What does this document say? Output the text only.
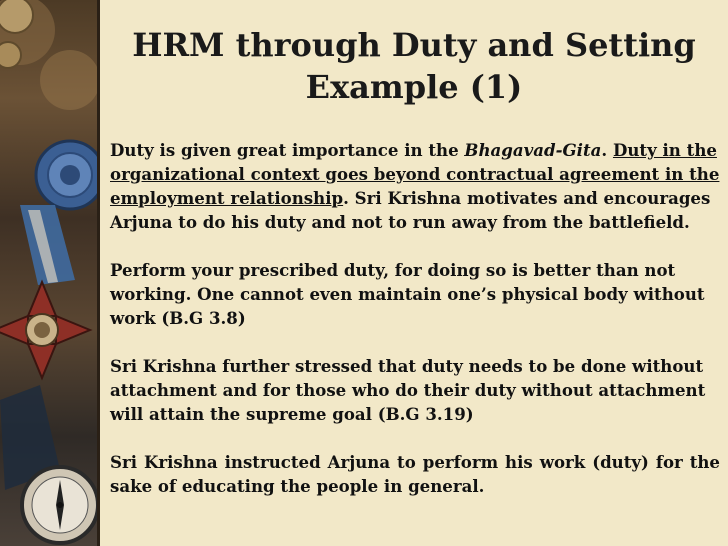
HRM through Duty and Setting
Example (1)

Duty is given great importance in the Bhagavad-Gita. Duty in the organizational context goes beyond contractual agreement in the employment relationship. Sri Krishna motivates and encourages Arjuna to do his duty and not to run away from the battlefield.

Perform your prescribed duty, for doing so is better than not working. One cannot even maintain one’s physical body without work (B.G 3.8)

Sri Krishna further stressed that duty needs to be done without attachment and for those who do their duty without attachment will attain the supreme goal (B.G 3.19)

Sri Krishna instructed Arjuna to perform his work (duty) for the sake of educating the people in general.
